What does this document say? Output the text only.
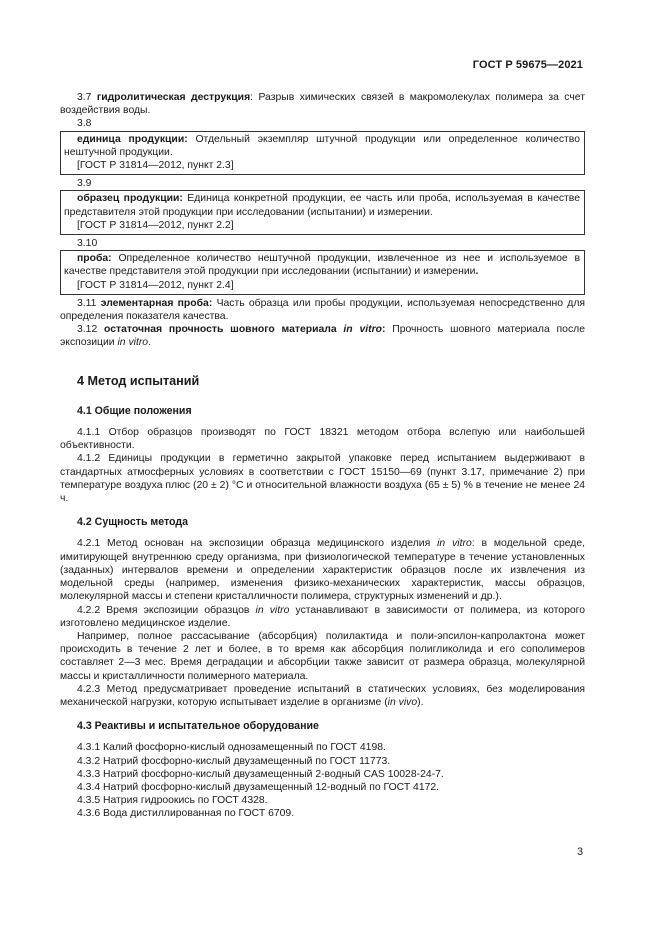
ГОСТ Р 59675—2021

3.7 гидролитическая деструкция: Разрыв химических связей в макромолекулах полимера за счет воздействия воды.

3.8

единица продукции: Отдельный экземпляр штучной продукции или определенное количество нештучной продукции.

[ГОСТ Р 31814—2012, пункт 2.3]

3.9

образец продукции: Единица конкретной продукции, ее часть или проба, используемая в качестве представителя этой продукции при исследовании (испытании) и измерении.

[ГОСТ Р 31814—2012, пункт 2.2]

3.10

проба: Определенное количество нештучной продукции, извлеченное из нее и используемое в качестве представителя этой продукции при исследовании (испытании) и измерении.

[ГОСТ Р 31814—2012, пункт 2.4]

3.11 элементарная проба: Часть образца или пробы продукции, используемая непосредственно для определения показателя качества.

3.12 остаточная прочность шовного материала in vitro: Прочность шовного материала после экспозиции in vitro.

4 Метод испытаний
4.1 Общие положения

4.1.1 Отбор образцов производят по ГОСТ 18321 методом отбора вслепую или наибольшей объективности.

4.1.2 Единицы продукции в герметично закрытой упаковке перед испытанием выдерживают в стандартных атмосферных условиях в соответствии с ГОСТ 15150—69 (пункт 3.17, примечание 2) при температуре воздуха плюс (20 ± 2) °С и относительной влажности воздуха (65 ± 5) % в течение не менее 24 ч.

4.2 Сущность метода

4.2.1 Метод основан на экспозиции образца медицинского изделия in vitro: в модельной среде, имитирующей внутреннюю среду организма, при физиологической температуре в течение установленных (заданных) интервалов времени и определении характеристик образцов после их извлечения из модельной среды (например, изменения физико-механических характеристик, массы образцов, молекулярной массы и степени кристалличности полимера, структурных изменений и др.).

4.2.2 Время экспозиции образцов in vitro устанавливают в зависимости от полимера, из которого изготовлено медицинское изделие.

Например, полное рассасывание (абсорбция) полилактида и поли-эпсилон-капролактона может происходить в течение 2 лет и более, в то время как абсорбция полигликолида и его сополимеров составляет 2—3 мес. Время деградации и абсорбции также зависит от размера образца, молекулярной массы и кристалличности полимерного материала.

4.2.3 Метод предусматривает проведение испытаний в статических условиях, без моделирования механической нагрузки, которую испытывает изделие в организме (in vivo).

4.3 Реактивы и испытательное оборудование

4.3.1 Калий фосфорно-кислый однозамещенный по ГОСТ 4198.

4.3.2 Натрий фосфорно-кислый двузамещенный по ГОСТ 11773.

4.3.3 Натрий фосфорно-кислый двузамещенный 2-водный CAS 10028-24-7.

4.3.4 Натрий фосфорно-кислый двузамещенный 12-водный по ГОСТ 4172.

4.3.5 Натрия гидроокись по ГОСТ 4328.

4.3.6 Вода дистиллированная по ГОСТ 6709.

3
